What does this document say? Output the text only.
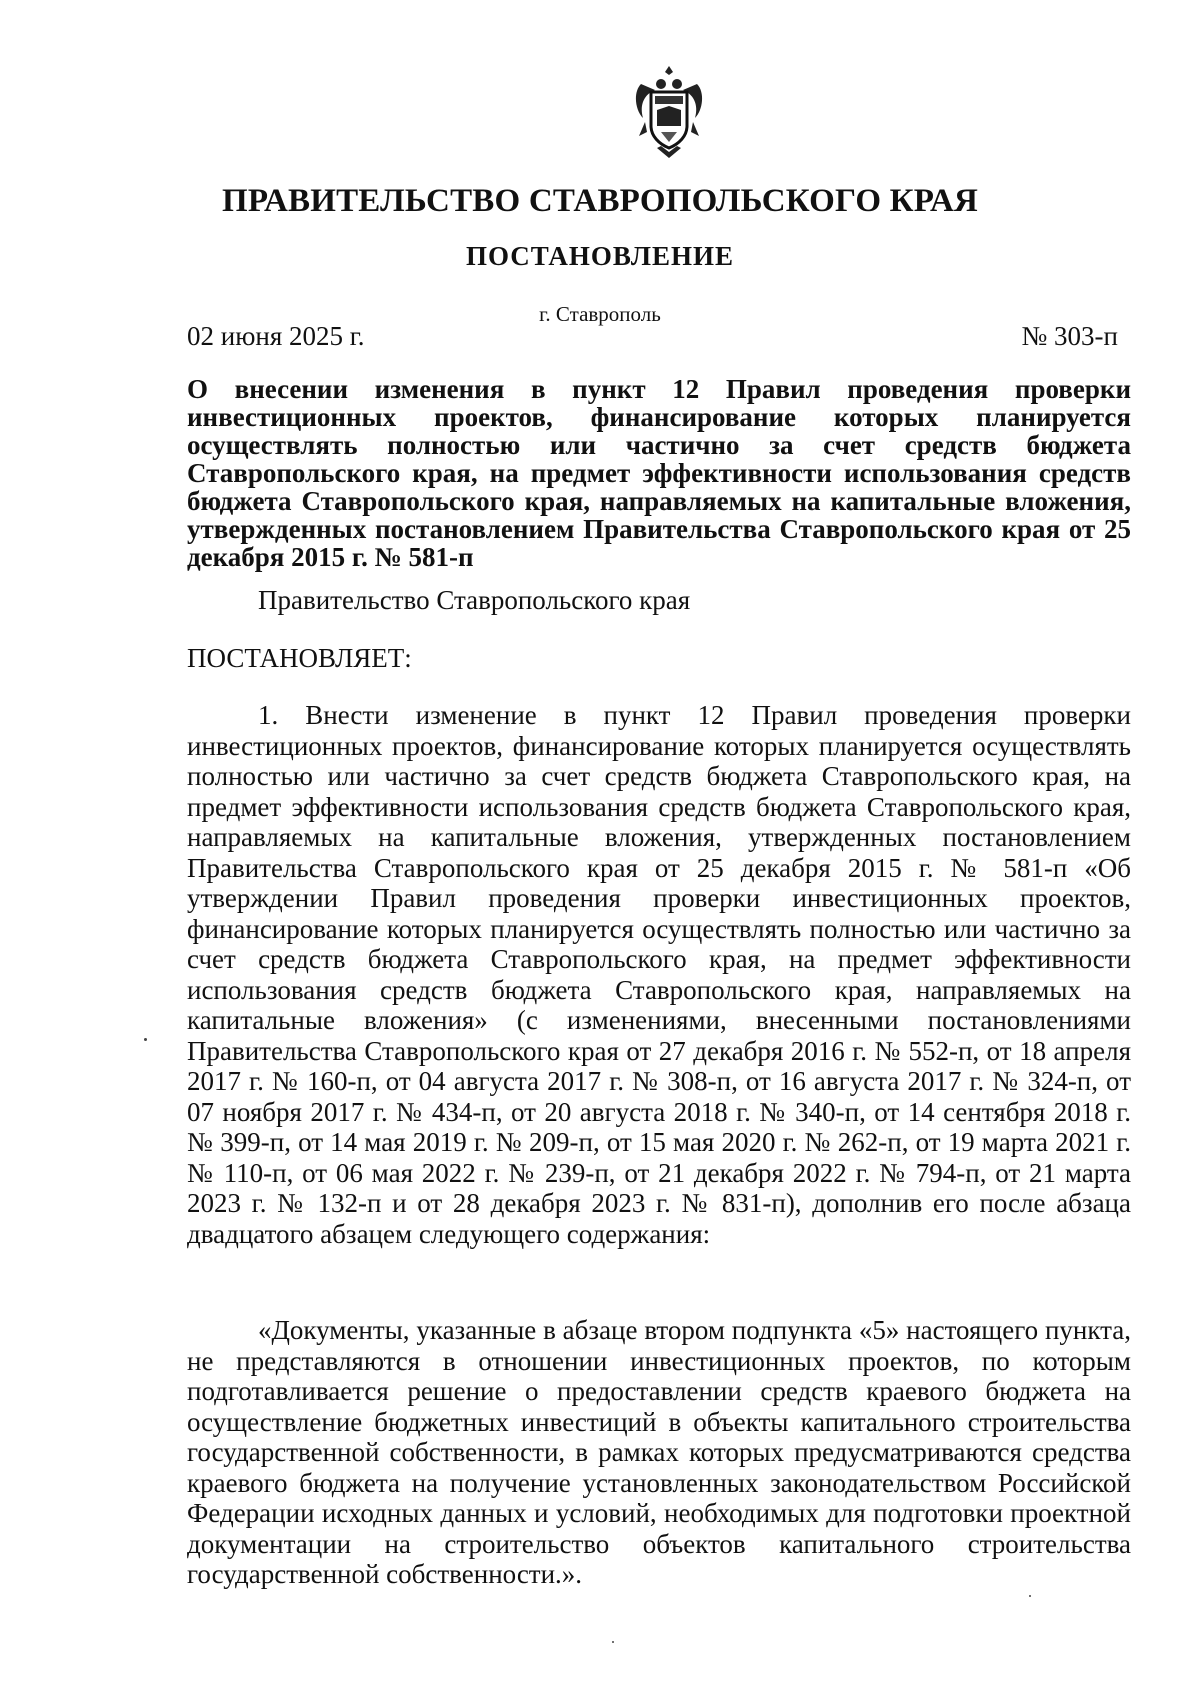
ПРАВИТЕЛЬСТВО СТАВРОПОЛЬСКОГО КРАЯ
ПОСТАНОВЛЕНИЕ
г. Ставрополь
02 июня 2025 г.	№ 303-п

О внесении изменения в пункт 12 Правил проведения проверки инвестиционных проектов, финансирование которых планируется осуществлять полностью или частично за счет средств бюджета Ставропольского края, на предмет эффективности использования средств бюджета Ставропольского края, направляемых на капитальные вложения, утвержденных постановлением Правительства Ставропольского края от 25 декабря 2015 г. № 581-п

Правительство Ставропольского края

ПОСТАНОВЛЯЕТ:

1. Внести изменение в пункт 12 Правил проведения проверки инвестиционных проектов, финансирование которых планируется осуществлять полностью или частично за счет средств бюджета Ставропольского края, на предмет эффективности использования средств бюджета Ставропольского края, направляемых на капитальные вложения, утвержденных постановлением Правительства Ставропольского края от 25 декабря 2015 г. № 581-п «Об утверждении Правил проведения проверки инвестиционных проектов, финансирование которых планируется осуществлять полностью или частично за счет средств бюджета Ставропольского края, на предмет эффективности использования средств бюджета Ставропольского края, направляемых на капитальные вложения» (с изменениями, внесенными постановлениями Правительства Ставропольского края от 27 декабря 2016 г. № 552-п, от 18 апреля 2017 г. № 160-п, от 04 августа 2017 г. № 308-п, от 16 августа 2017 г. № 324-п, от 07 ноября 2017 г. № 434-п, от 20 августа 2018 г. № 340-п, от 14 сентября 2018 г. № 399-п, от 14 мая 2019 г. № 209-п, от 15 мая 2020 г. № 262-п, от 19 марта 2021 г. № 110-п, от 06 мая 2022 г. № 239-п, от 21 декабря 2022 г. № 794-п, от 21 марта 2023 г. № 132-п и от 28 декабря 2023 г. № 831-п), дополнив его после абзаца двадцатого абзацем следующего содержания:

«Документы, указанные в абзаце втором подпункта «5» настоящего пункта, не представляются в отношении инвестиционных проектов, по которым подготавливается решение о предоставлении средств краевого бюджета на осуществление бюджетных инвестиций в объекты капитального строительства государственной собственности, в рамках которых предусматриваются средства краевого бюджета на получение установленных законодательством Российской Федерации исходных данных и условий, необходимых для подготовки проектной документации на строительство объектов капитального строительства государственной собственности.».
